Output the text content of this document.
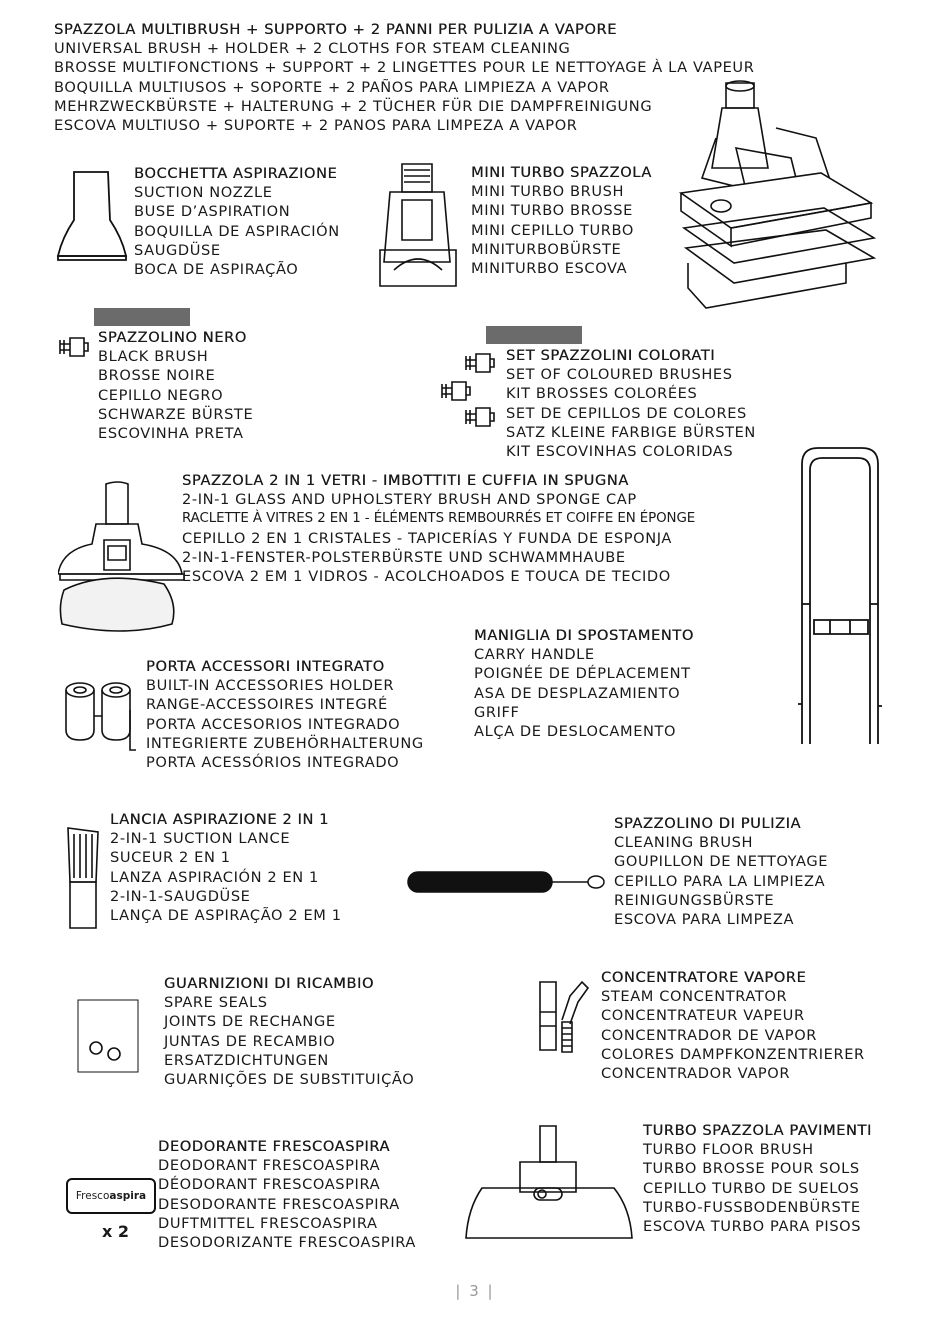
SPAZZOLA MULTIBRUSH + SUPPORTO + 2 PANNI PER PULIZIA A VAPORE
UNIVERSAL BRUSH + HOLDER + 2 CLOTHS FOR STEAM CLEANING
BROSSE MULTIFONCTIONS + SUPPORT + 2 LINGETTES POUR LE NETTOYAGE À LA VAPEUR
BOQUILLA MULTIUSOS + SOPORTE + 2 PAÑOS PARA LIMPIEZA A VAPOR
MEHRZWECKBÜRSTE + HALTERUNG + 2 TÜCHER FÜR DIE DAMPFREINIGUNG
ESCOVA MULTIUSO + SUPORTE + 2 PANOS PARA LIMPEZA A VAPOR
BOCCHETTA ASPIRAZIONE
SUCTION NOZZLE
BUSE D’ASPIRATION
BOQUILLA DE ASPIRACIÓN
SAUGDÜSE
BOCA DE ASPIRAÇÃO
MINI TURBO SPAZZOLA
MINI TURBO BRUSH
MINI TURBO BROSSE
MINI CEPILLO TURBO
MINITURBOBÜRSTE
MINITURBO ESCOVA
SPAZZOLINO NERO
BLACK BRUSH
BROSSE NOIRE
CEPILLO NEGRO
SCHWARZE BÜRSTE
ESCOVINHA PRETA
SET SPAZZOLINI COLORATI
SET OF COLOURED BRUSHES
KIT BROSSES COLORÉES
SET DE CEPILLOS DE COLORES
SATZ KLEINE FARBIGE BÜRSTEN
KIT ESCOVINHAS COLORIDAS
SPAZZOLA 2 IN 1 VETRI - IMBOTTITI E CUFFIA IN SPUGNA
2-IN-1 GLASS AND UPHOLSTERY BRUSH AND SPONGE CAP
RACLETTE À VITRES 2 EN 1 - ÉLÉMENTS REMBOURRÉS ET COIFFE EN ÉPONGE
CEPILLO 2 EN 1 CRISTALES - TAPICERÍAS Y FUNDA DE ESPONJA
2-IN-1-FENSTER-POLSTERBÜRSTE UND SCHWAMMHAUBE
ESCOVA 2 EM 1 VIDROS - ACOLCHOADOS E TOUCA DE TECIDO
MANIGLIA DI SPOSTAMENTO
CARRY HANDLE
POIGNÉE DE DÉPLACEMENT
ASA DE DESPLAZAMIENTO
GRIFF
ALÇA DE DESLOCAMENTO
PORTA ACCESSORI INTEGRATO
BUILT-IN ACCESSORIES HOLDER
RANGE-ACCESSOIRES INTEGRÉ
PORTA ACCESORIOS INTEGRADO
INTEGRIERTE ZUBEHÖRHALTERUNG
PORTA ACESSÓRIOS INTEGRADO
LANCIA ASPIRAZIONE 2 IN 1
2-IN-1 SUCTION LANCE
SUCEUR 2 EN 1
LANZA ASPIRACIÓN 2 EN 1
2-IN-1-SAUGDÜSE
LANÇA DE ASPIRAÇÃO 2 EM 1
SPAZZOLINO DI PULIZIA
CLEANING BRUSH
GOUPILLON DE NETTOYAGE
CEPILLO PARA LA LIMPIEZA
REINIGUNGSBÜRSTE
ESCOVA PARA LIMPEZA
GUARNIZIONI DI RICAMBIO
SPARE SEALS
JOINTS DE RECHANGE
JUNTAS DE RECAMBIO
ERSATZDICHTUNGEN
GUARNIÇÕES DE SUBSTITUIÇÃO
CONCENTRATORE VAPORE
STEAM CONCENTRATOR
CONCENTRATEUR VAPEUR
CONCENTRADOR DE VAPOR
COLORES DAMPFKONZENTRIERER
CONCENTRADOR VAPOR
Fresco aspira
x 2
DEODORANTE FRESCOASPIRA
DEODORANT FRESCOASPIRA
DÉODORANT FRESCOASPIRA
DESODORANTE FRESCOASPIRA
DUFTMITTEL FRESCOASPIRA
DESODORIZANTE FRESCOASPIRA
TURBO SPAZZOLA PAVIMENTI
TURBO FLOOR BRUSH
TURBO BROSSE POUR SOLS
CEPILLO TURBO DE SUELOS
TURBO-FUSSBODENBÜRSTE
ESCOVA TURBO PARA PISOS
| 3 |
